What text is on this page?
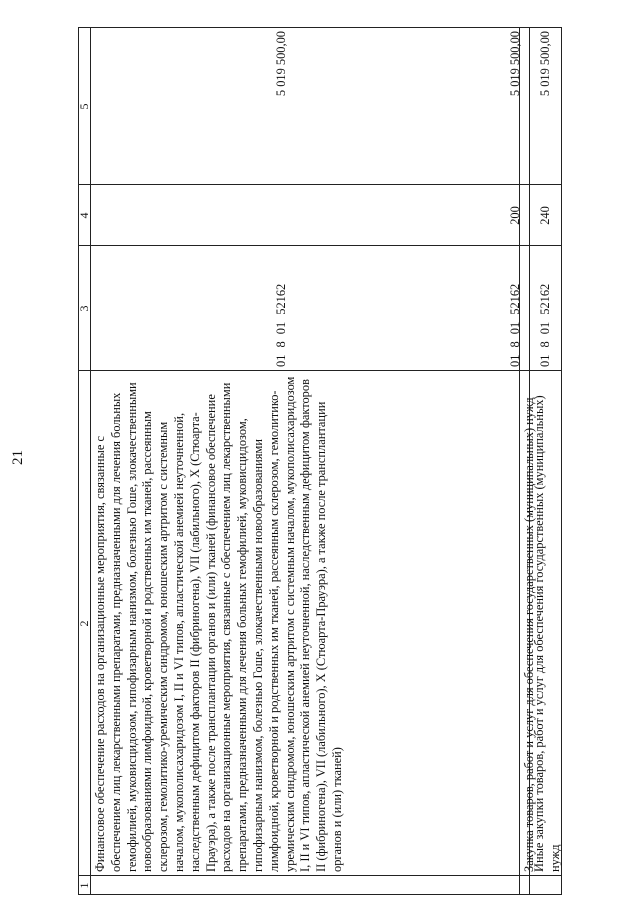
21
1
2
3
4
5
Финансовое обеспечение расходов на организационные мероприятия, связанные с обеспечением лиц лекарственными препаратами, предназначенными для лечения больных гемофилией, муковисцидозом, гипофизарным нанизмом, болезнью Гоше, злокачественными новообразованиями лимфоидной, кроветворной и родственных им тканей, рассеянным склерозом, гемолитико-уремическим синдромом, юношеским артритом с системным началом, мукополисахаридозом I, II и VI типов, апластической анемией неуточненной, наследственным дефицитом факторов II (фибриногена), VII (лабильного), X (Стюарта-Прауэра), а также после трансплантации органов и (или) тканей (финансовое обеспечение расходов на организационные мероприятия, связанные с обеспечением лиц лекарственными препаратами, предназначенными для лечения больных гемофилией, муковисцидозом, гипофизарным нанизмом, болезнью Гоше, злокачественными новообразованиями лимфоидной, кроветворной и родственных им тканей, рассеянным склерозом, гемолитико-уремическим синдромом, юношеским артритом с системным началом, мукополисахаридозом I, II и VI типов, апластической анемией неуточненной, наследственным дефицитом факторов II (фибриногена), VII (лабильного), X (Стюарта-Прауэра), а также после трансплантации органов и (или) тканей)
01 8 01 52162
5 019 500,00
Закупка товаров, работ и услуг для обеспечения государственных (муниципальных) нужд
01 8 01 52162
200
5 019 500,00
Иные закупки товаров, работ и услуг для обеспечения государственных (муниципальных) нужд
01 8 01 52162
240
5 019 500,00
